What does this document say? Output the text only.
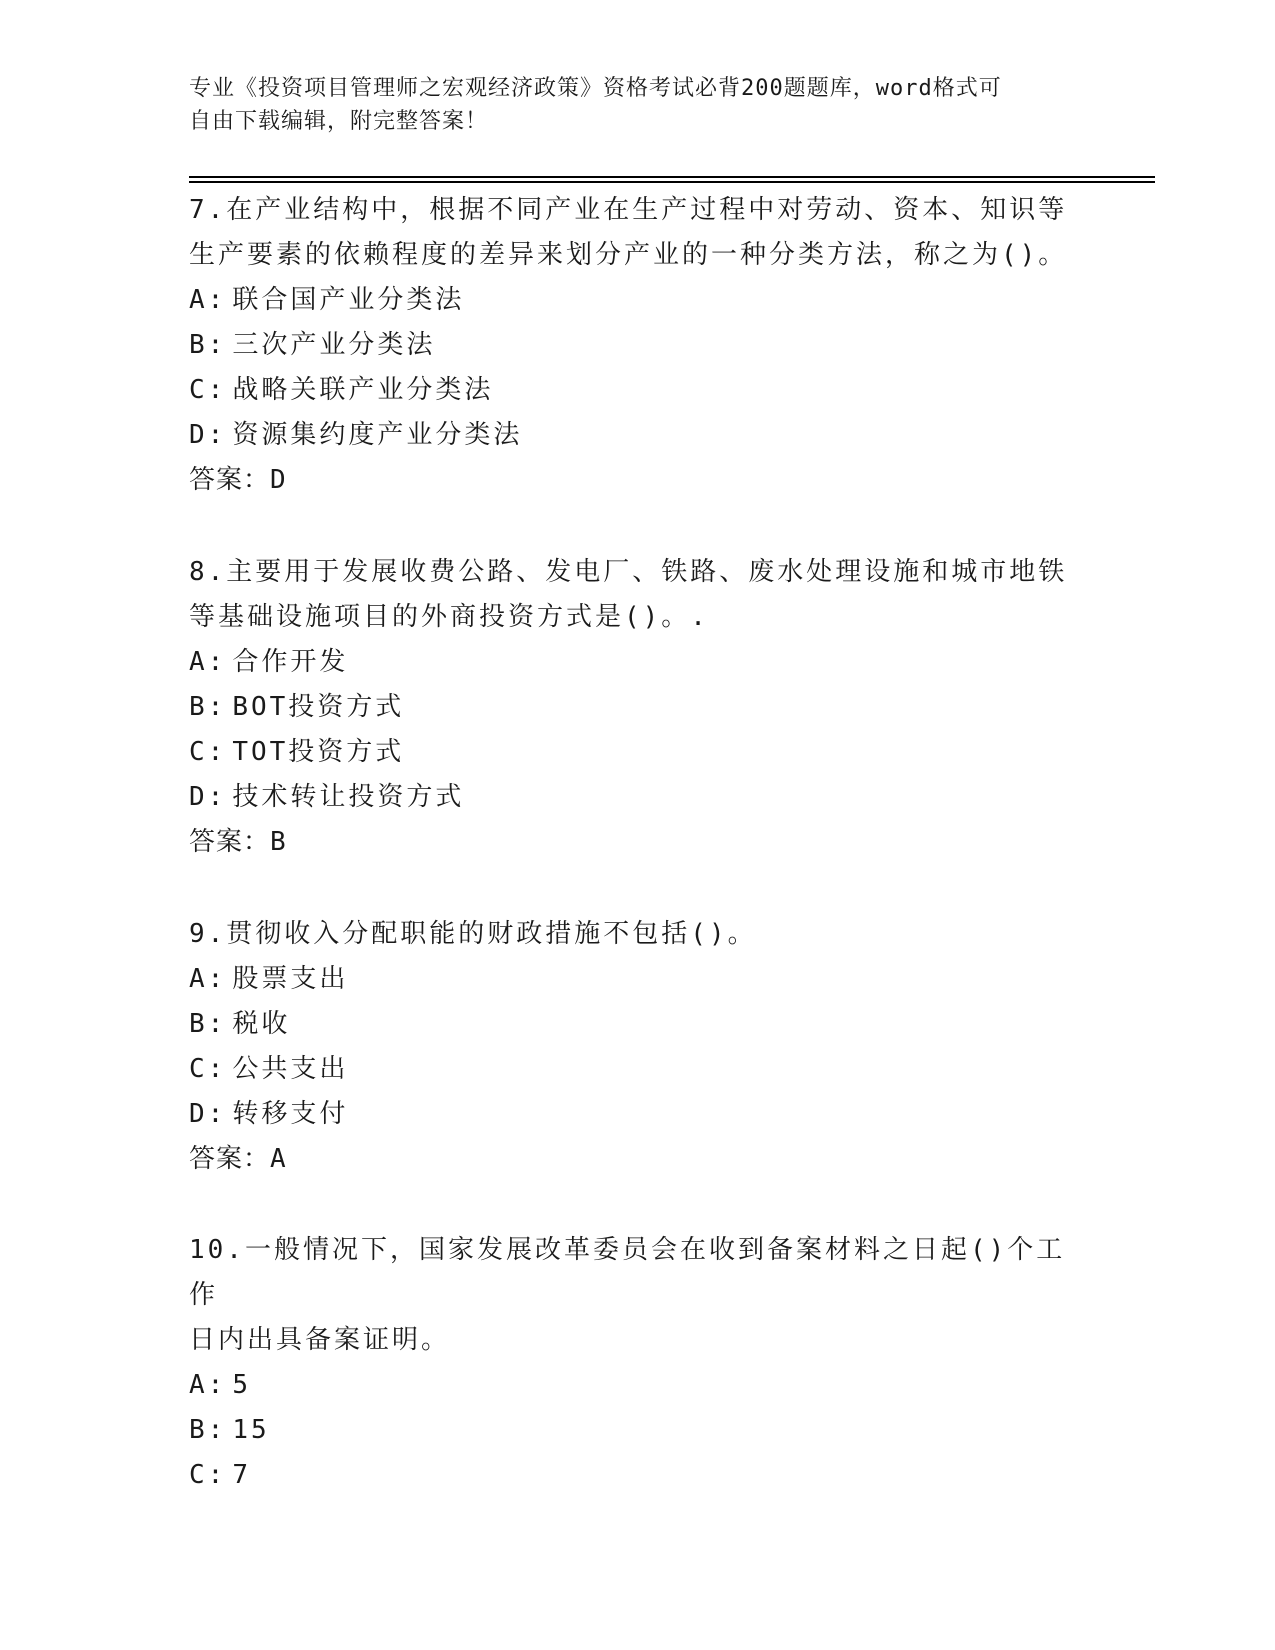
专业《投资项目管理师之宏观经济政策》资格考试必背200题题库，word格式可
自由下载编辑，附完整答案！
7.在产业结构中，根据不同产业在生产过程中对劳动、资本、知识等
生产要素的依赖程度的差异来划分产业的一种分类方法，称之为()。
A: 联合国产业分类法
B: 三次产业分类法
C: 战略关联产业分类法
D: 资源集约度产业分类法
答案：D
8.主要用于发展收费公路、发电厂、铁路、废水处理设施和城市地铁
等基础设施项目的外商投资方式是()。.
A: 合作开发
B: BOT投资方式
C: TOT投资方式
D: 技术转让投资方式
答案：B
9.贯彻收入分配职能的财政措施不包括()。
A: 股票支出
B: 税收
C: 公共支出
D: 转移支付
答案：A
10.一般情况下，国家发展改革委员会在收到备案材料之日起()个工作
日内出具备案证明。
A: 5
B: 15
C: 7
